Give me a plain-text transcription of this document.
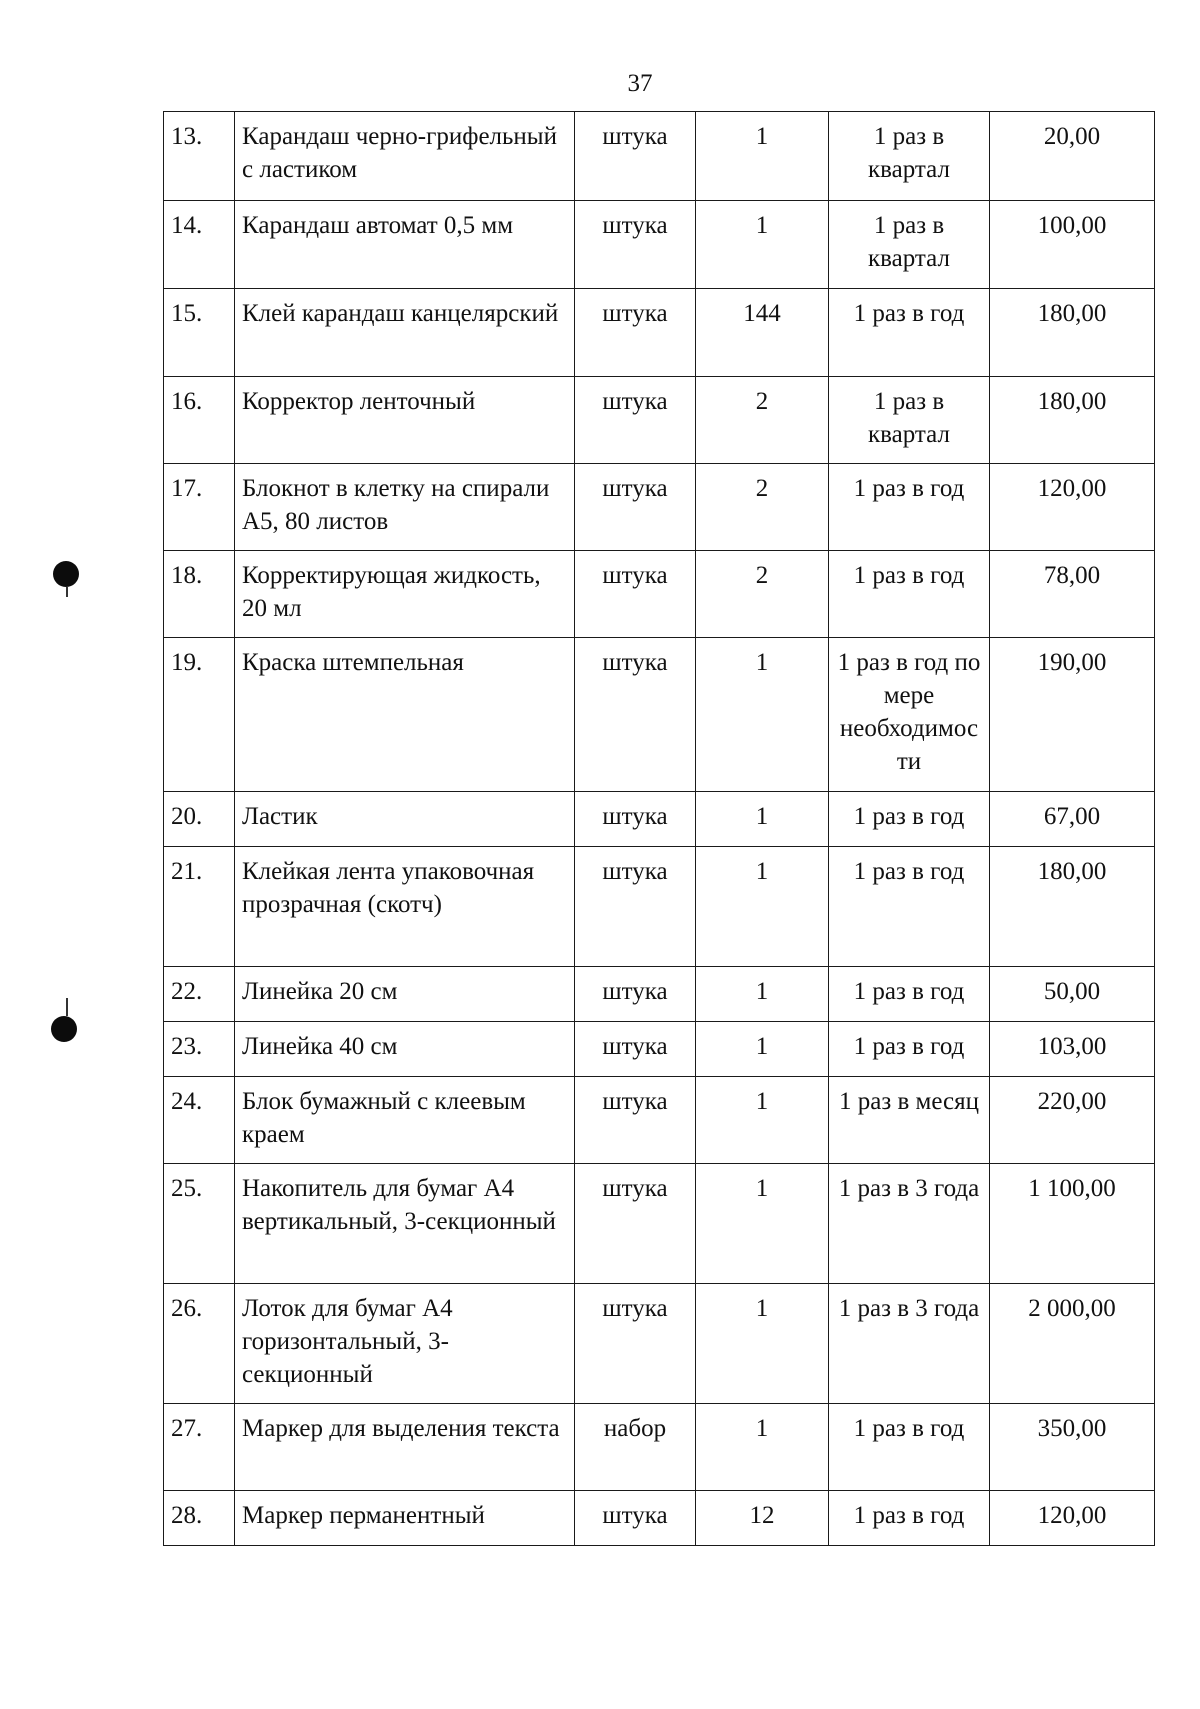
37
13.	Карандаш черно-грифельный с ластиком	штука	1	1 раз в квартал	20,00
14.	Карандаш автомат 0,5 мм	штука	1	1 раз в квартал	100,00
15.	Клей карандаш канцелярский	штука	144	1 раз в год	180,00
16.	Корректор ленточный	штука	2	1 раз в квартал	180,00
17.	Блокнот в клетку на спирали А5, 80 листов	штука	2	1 раз в год	120,00
18.	Корректирующая жидкость, 20 мл	штука	2	1 раз в год	78,00
19.	Краска штемпельная	штука	1	1 раз в год по мере необходимости	190,00
20.	Ластик	штука	1	1 раз в год	67,00
21.	Клейкая лента упаковочная прозрачная (скотч)	штука	1	1 раз в год	180,00
22.	Линейка 20 см	штука	1	1 раз в год	50,00
23.	Линейка 40 см	штука	1	1 раз в год	103,00
24.	Блок бумажный с клеевым краем	штука	1	1 раз в месяц	220,00
25.	Накопитель для бумаг А4 вертикальный, 3-секционный	штука	1	1 раз в 3 года	1 100,00
26.	Лоток для бумаг А4 горизонтальный, 3-секционный	штука	1	1 раз в 3 года	2 000,00
27.	Маркер для выделения текста	набор	1	1 раз в год	350,00
28.	Маркер перманентный	штука	12	1 раз в год	120,00
